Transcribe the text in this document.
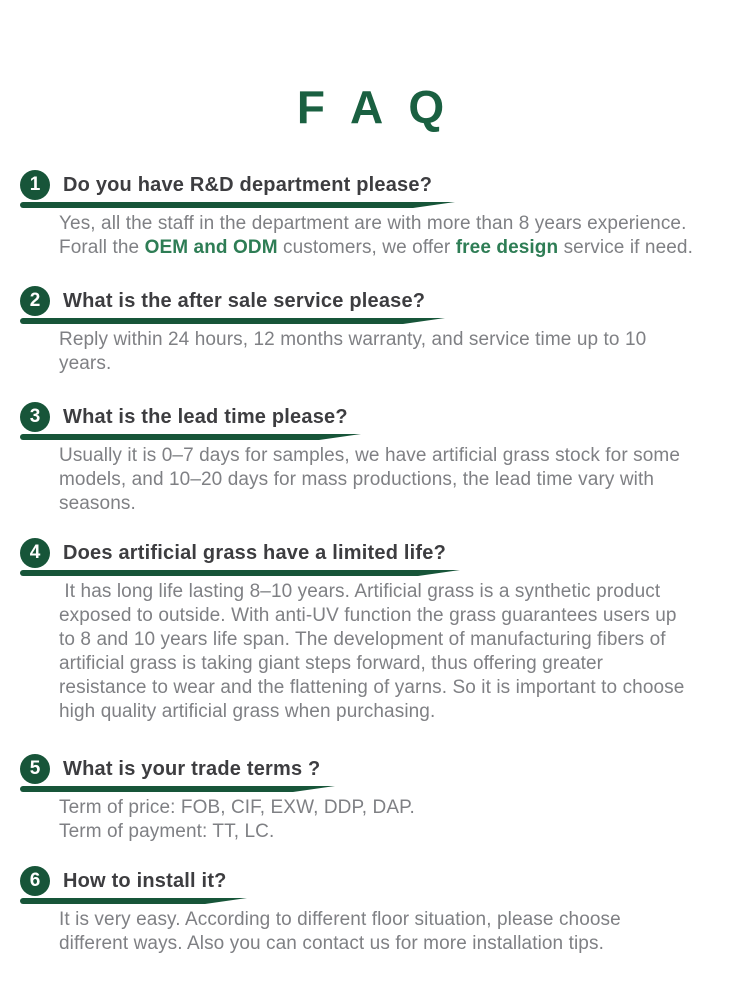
F A Q
1 Do you have R&D department please?
Yes, all the staff in the department are with more than 8 years experience.
Forall the OEM and ODM customers, we offer free design service if need.
2 What is the after sale service please?
Reply within 24 hours, 12 months warranty, and service time up to 10
years.
3 What is the lead time please?
Usually it is 0–7 days for samples, we have artificial grass stock for some
models, and 10–20 days for mass productions, the lead time vary with
seasons.
4 Does artificial grass have a limited life?
It has long life lasting 8–10 years. Artificial grass is a synthetic product
exposed to outside. With anti-UV function the grass guarantees users up
to 8 and 10 years life span. The development of manufacturing fibers of
artificial grass is taking giant steps forward, thus offering greater
resistance to wear and the flattening of yarns. So it is important to choose
high quality artificial grass when purchasing.
5 What is your trade terms ?
Term of price: FOB, CIF, EXW, DDP, DAP.
Term of payment: TT, LC.
6 How to install it?
It is very easy. According to different floor situation, please choose
different ways. Also you can contact us for more installation tips.
